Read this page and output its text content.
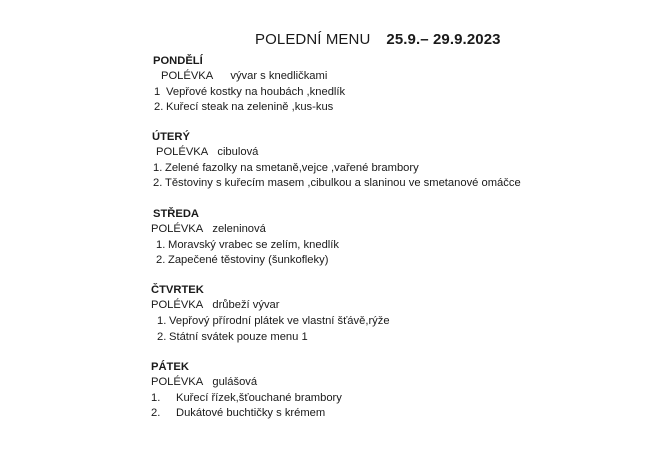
POLEDNÍ MENU 25.9.– 29.9.2023
PONDĚLÍ
POLÉVKA vývar s knedličkami
1 Vepřové kostky na houbách ,knedlík
2. Kuřecí steak na zelenině ,kus-kus
ÚTERÝ
POLÉVKA cibulová
1. Zelené fazolky na smetaně,vejce ,vařené brambory
2. Těstoviny s kuřecím masem ,cibulkou a slaninou ve smetanové omáčce
STŘEDA
POLÉVKA zeleninová
1. Moravský vrabec se zelím, knedlík
2. Zapečené těstoviny (šunkofleky)
ČTVRTEK
POLÉVKA drůbeží vývar
1. Vepřový přírodní plátek ve vlastní šťávě,rýže
2. Státní svátek pouze menu 1
PÁTEK
POLÉVKA gulášová
1. Kuřecí řízek,šťouchané brambory
2. Dukátové buchtičky s krémem
